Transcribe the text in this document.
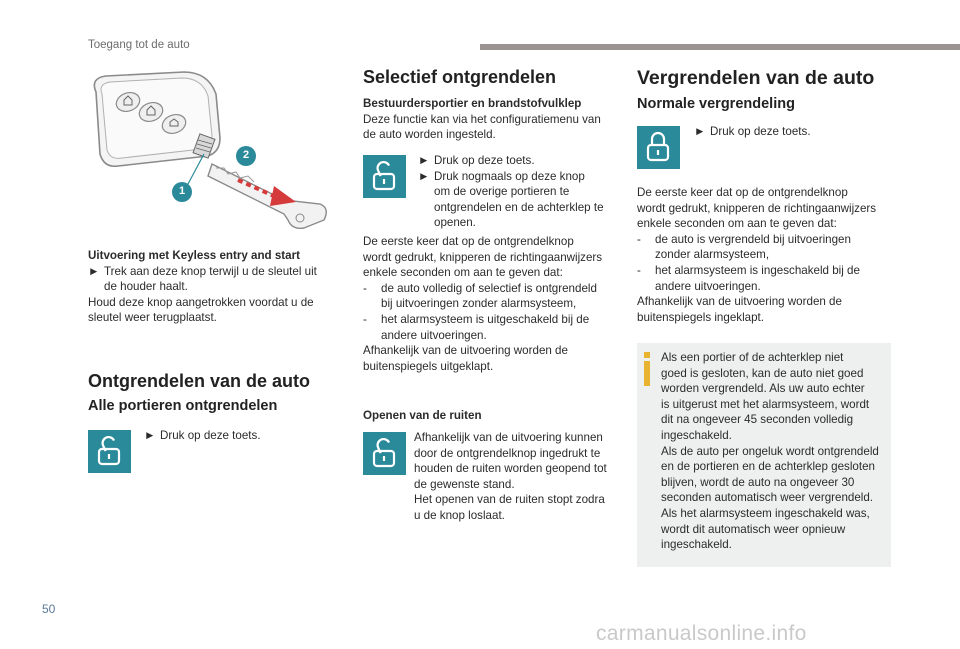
Toegang tot de auto
2
1
Uitvoering met Keyless entry and start
► Trek aan deze knop terwijl u de sleutel uit
de houder haalt.
Houd deze knop aangetrokken voordat u de
sleutel weer terugplaatst.
Ontgrendelen van de auto
Alle portieren ontgrendelen
► Druk op deze toets.
Selectief ontgrendelen
Bestuurdersportier en brandstofvulklep
Deze functie kan via het configuratiemenu van
de auto worden ingesteld.
► Druk op deze toets.
► Druk nogmaals op deze knop
om de overige portieren te
ontgrendelen en de achterklep te
openen.
De eerste keer dat op de ontgrendelknop
wordt gedrukt, knipperen de richtingaanwijzers
enkele seconden om aan te geven dat:
-	de auto volledig of selectief is ontgrendeld
bij uitvoeringen zonder alarmsysteem,
-	het alarmsysteem is uitgeschakeld bij de
andere uitvoeringen.
Afhankelijk van de uitvoering worden de
buitenspiegels uitgeklapt.
Openen van de ruiten
Afhankelijk van de uitvoering kunnen
door de ontgrendelknop ingedrukt te
houden de ruiten worden geopend tot
de gewenste stand.
Het openen van de ruiten stopt zodra
u de knop loslaat.
Vergrendelen van de auto
Normale vergrendeling
► Druk op deze toets.
De eerste keer dat op de ontgrendelknop
wordt gedrukt, knipperen de richtingaanwijzers
enkele seconden om aan te geven dat:
-	de auto is vergrendeld bij uitvoeringen
zonder alarmsysteem,
-	het alarmsysteem is ingeschakeld bij de
andere uitvoeringen.
Afhankelijk van de uitvoering worden de
buitenspiegels ingeklapt.
Als een portier of de achterklep niet
goed is gesloten, kan de auto niet goed
worden vergrendeld. Als uw auto echter
is uitgerust met het alarmsysteem, wordt
dit na ongeveer 45 seconden volledig
ingeschakeld.
Als de auto per ongeluk wordt ontgrendeld
en de portieren en de achterklep gesloten
blijven, wordt de auto na ongeveer 30
seconden automatisch weer vergrendeld.
Als het alarmsysteem ingeschakeld was,
wordt dit automatisch weer opnieuw
ingeschakeld.
50
carmanualsonline.info
